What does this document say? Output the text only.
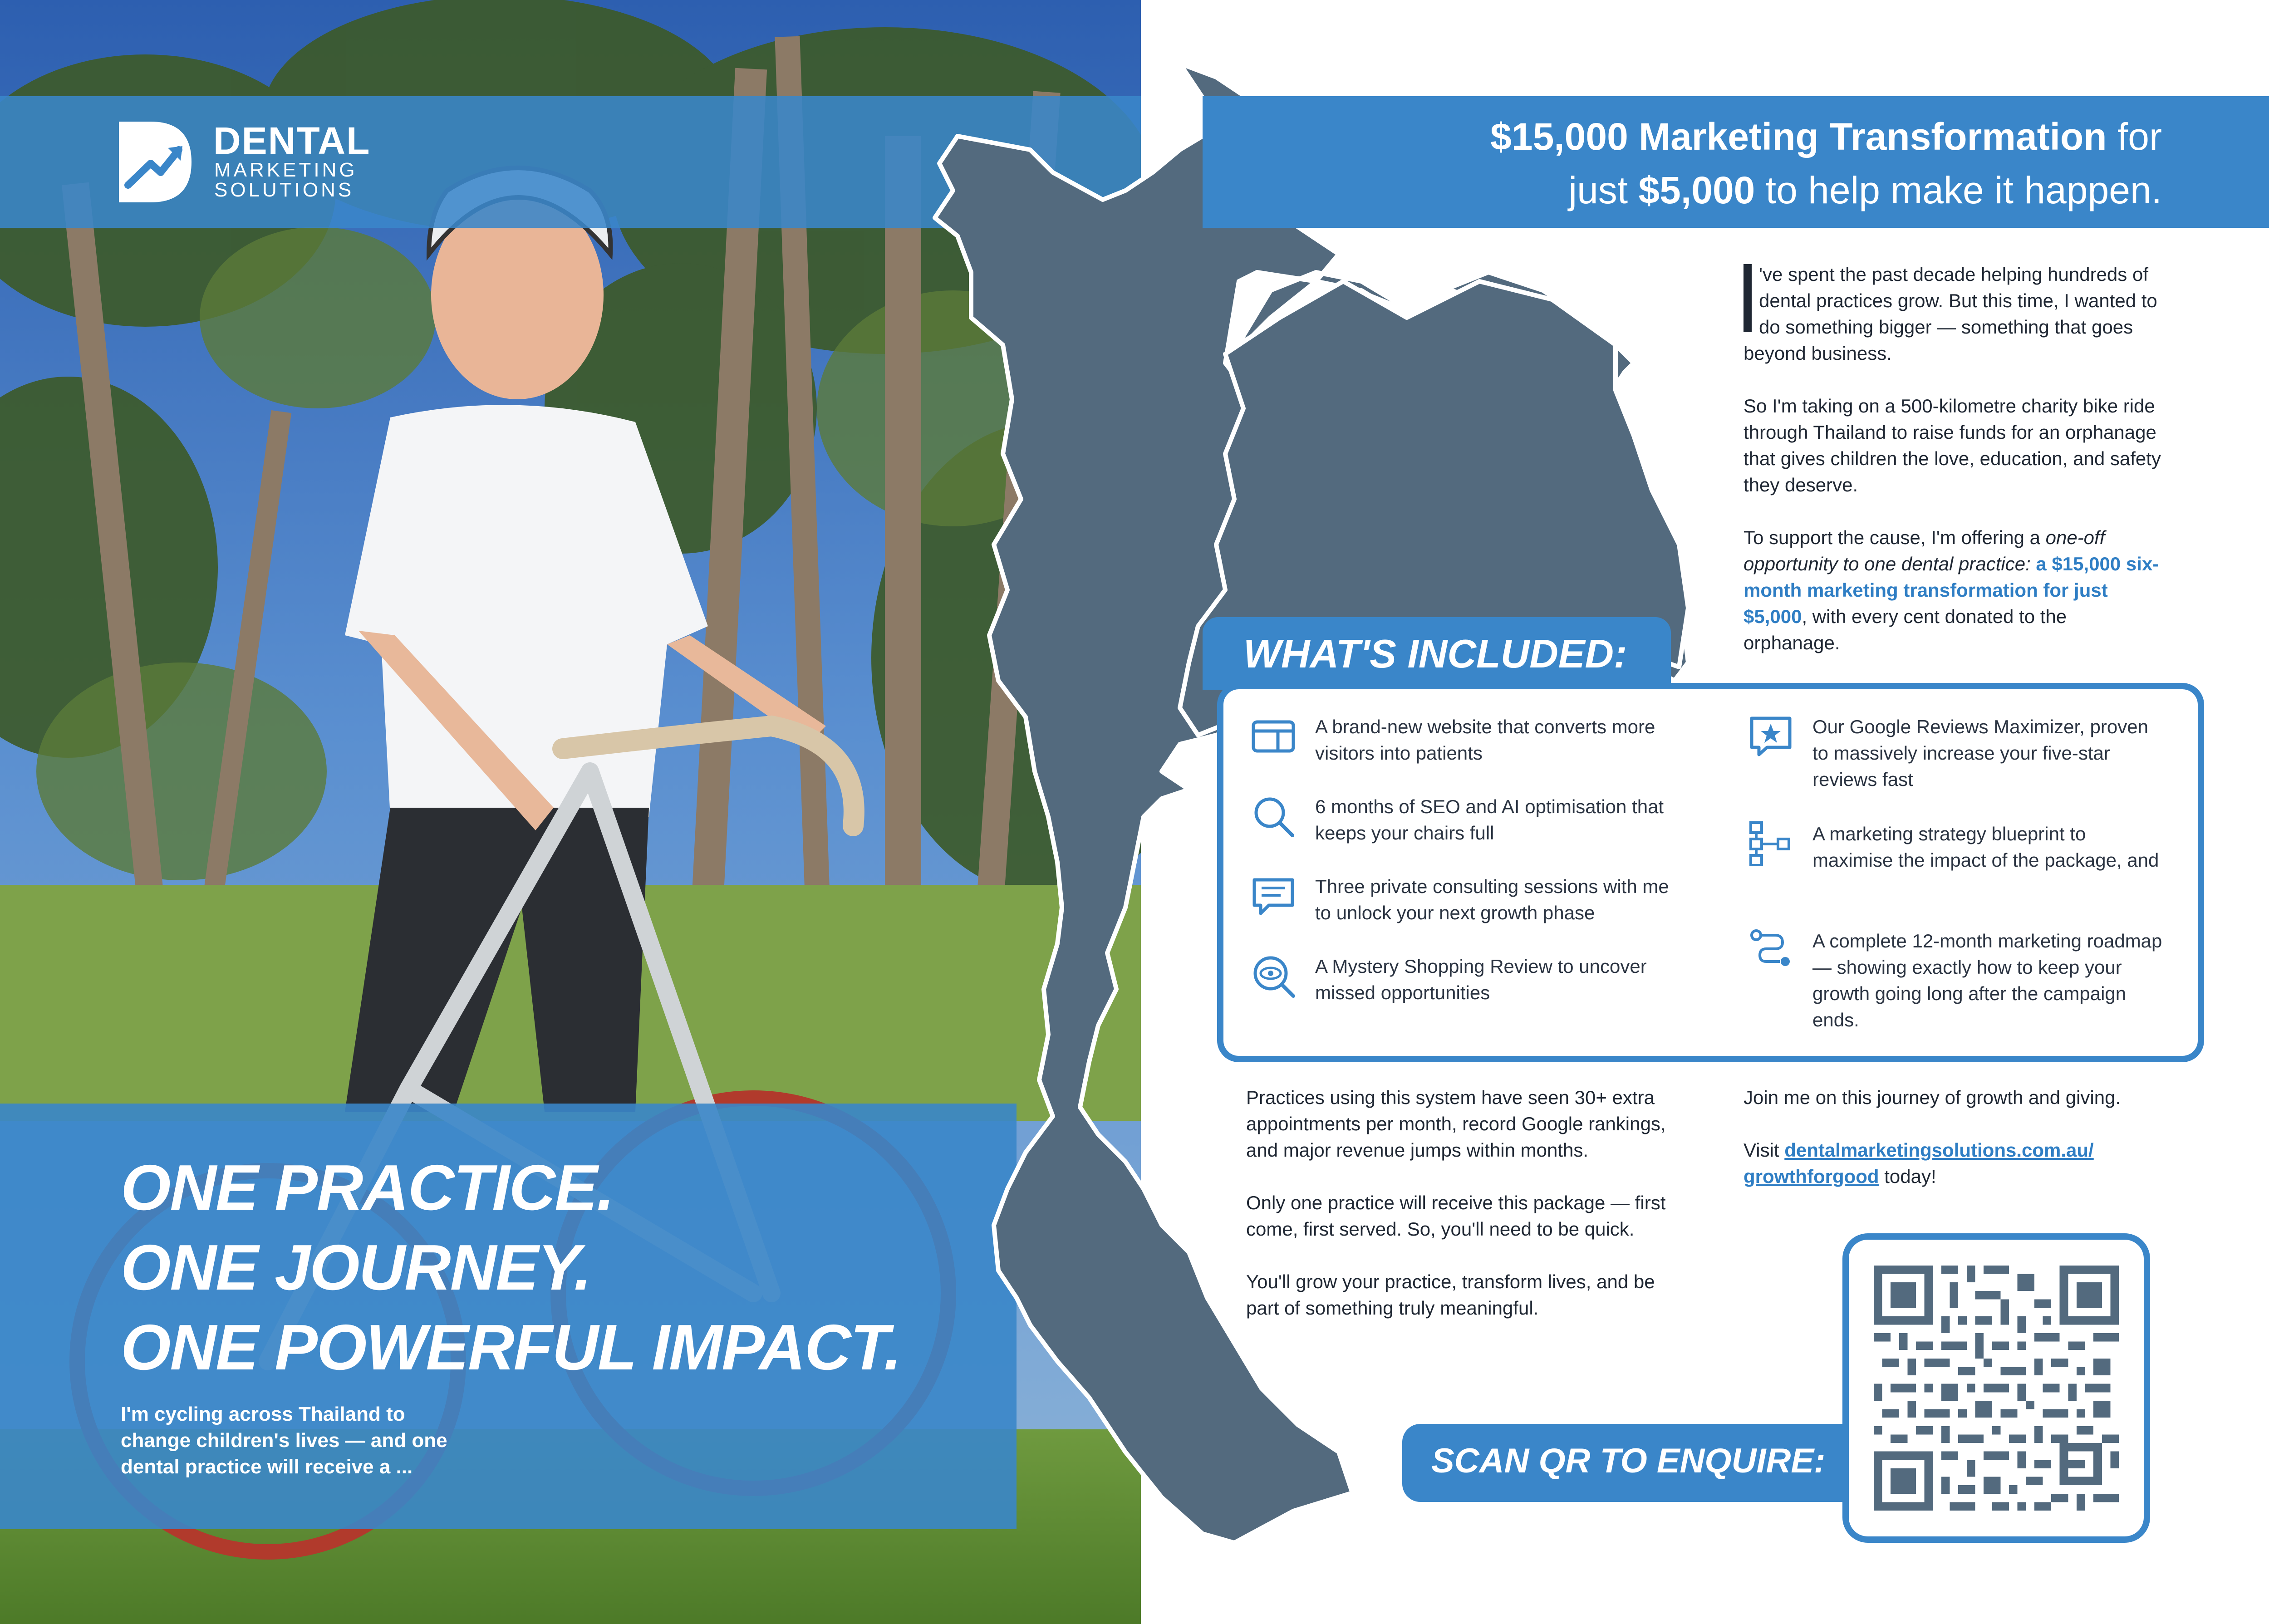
DENTAL
MARKETING
SOLUTIONS
ONE PRACTICE.
ONE JOURNEY.
ONE POWERFUL IMPACT.
I'm cycling across Thailand to change children's lives — and one dental practice will receive a ...
$15,000 Marketing Transformation for
just $5,000 to help make it happen.

've spent the past decade helping hundreds of dental practices grow. But this time, I wanted to do something bigger — something that goes beyond business.

So I'm taking on a 500-kilometre charity bike ride through Thailand to raise funds for an orphanage that gives children the love, education, and safety they deserve.

To support the cause, I'm offering a one-off opportunity to one dental practice: a $15,000 six-month marketing transformation for just $5,000, with every cent donated to the orphanage.

WHAT'S INCLUDED:
A brand-new website that converts more visitors into patients
6 months of SEO and AI optimisation that keeps your chairs full
Three private consulting sessions with me to unlock your next growth phase
A Mystery Shopping Review to uncover missed opportunities
Our Google Reviews Maximizer, proven to massively increase your five-star reviews fast
A marketing strategy blueprint to maximise the impact of the package, and
A complete 12-month marketing roadmap — showing exactly how to keep your growth going long after the campaign ends.

Practices using this system have seen 30+ extra appointments per month, record Google rankings, and major revenue jumps within months.

Only one practice will receive this package — first come, first served. So, you'll need to be quick.

You'll grow your practice, transform lives, and be part of something truly meaningful.

Join me on this journey of growth and giving.

Visit dentalmarketingsolutions.com.au/
growthforgood today!

SCAN QR TO ENQUIRE:
